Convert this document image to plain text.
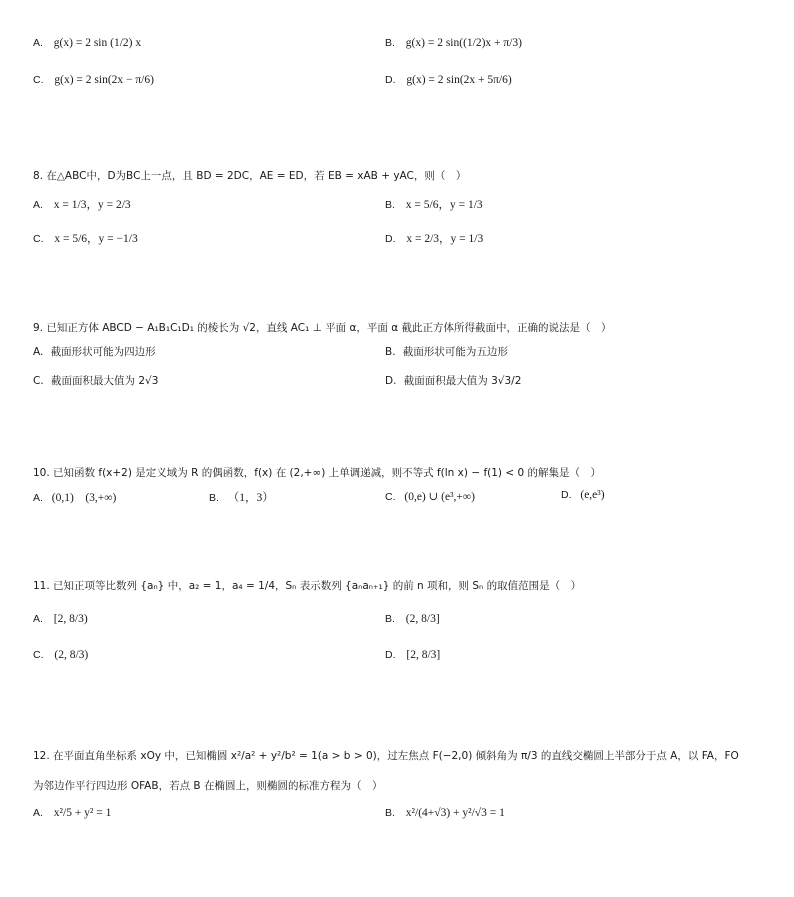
A. g(x) = 2 sin (1/2) x	B. g(x) = 2 sin((1/2)x + π/3)
C. g(x) = 2 sin(2x − π/6)	D. g(x) = 2 sin(2x + 5π/6)
8. 在△ABC中，D为BC上一点，且 BD = 2DC，AE = ED，若 EB = xAB + yAC，则（　）
A. x = 1/3，y = 2/3	B. x = 5/6，y = 1/3
C. x = 5/6，y = −1/3	D. x = 2/3，y = 1/3
9. 已知正方体 ABCD − A₁B₁C₁D₁ 的棱长为 √2，直线 AC₁ ⊥ 平面 α，平面 α 截此正方体所得截面中，正确的说法是（　）
A. 截面形状可能为四边形	B. 截面形状可能为五边形
C. 截面面积最大值为 2√3	D. 截面面积最大值为 3√3/2
10. 已知函数 f(x+2) 是定义域为 R 的偶函数，f(x) 在 (2,+∞) 上单调递减，则不等式 f(ln x) − f(1) < 0 的解集是（　）
A. (0,1)　(3,+∞)	B. （1，3）	C. (0,e) ∪ (e³,+∞)	D. (e,e³)
11. 已知正项等比数列 {aₙ} 中，a₂ = 1，a₄ = 1/4，Sₙ 表示数列 {aₙaₙ₊₁} 的前 n 项和，则 Sₙ 的取值范围是（　）
A. [2, 8/3)	B. (2, 8/3]
C. (2, 8/3)	D. [2, 8/3]
12. 在平面直角坐标系 xOy 中，已知椭圆 x²/a² + y²/b² = 1(a > b > 0)，过左焦点 F(−2,0) 倾斜角为 π/3 的直线交椭圆上半部分于点 A，以 FA，FO
为邻边作平行四边形 OFAB，若点 B 在椭圆上，则椭圆的标准方程为（　）
A. x²/5 + y² = 1	B. x²/(4+√3) + y²/√3 = 1
